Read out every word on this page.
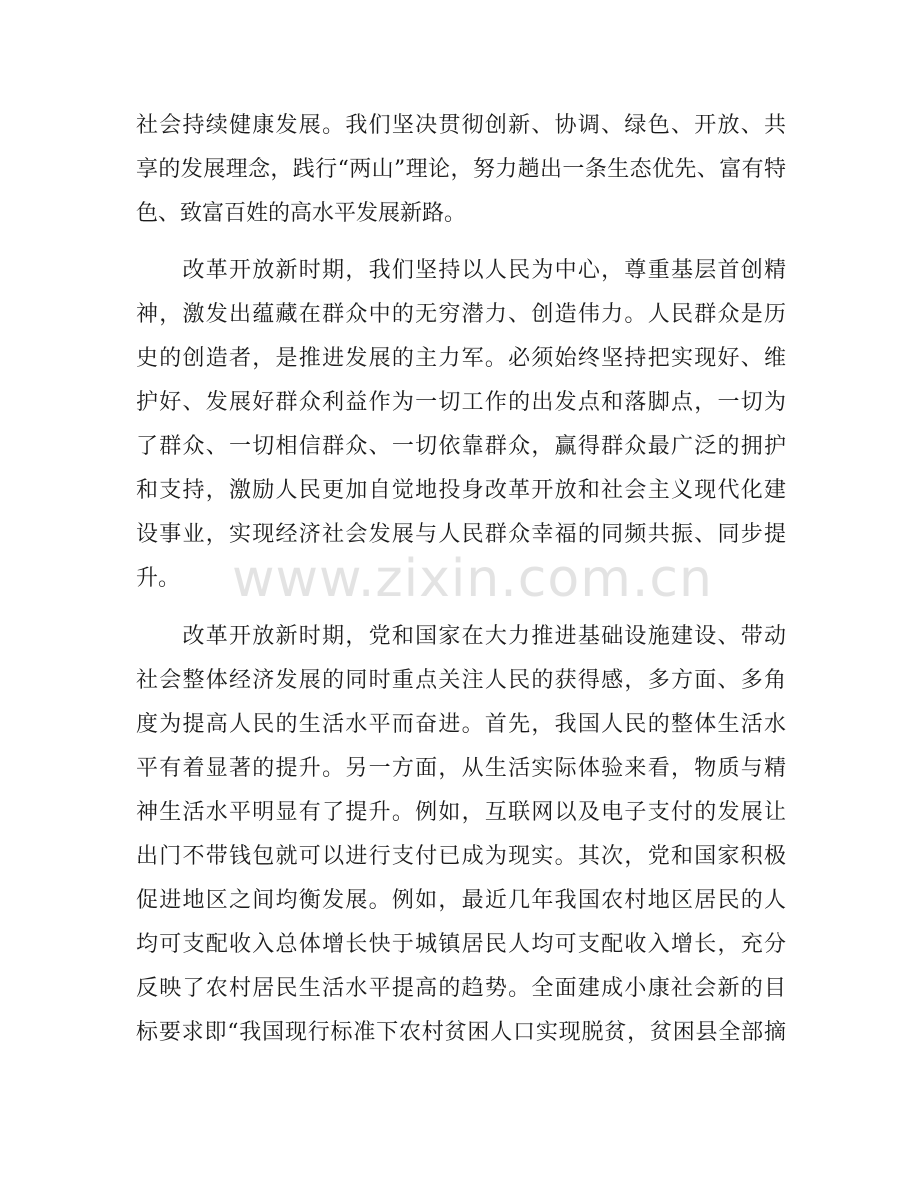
社会持续健康发展。我们坚决贯彻创新、协调、绿色、开放、共
享的发展理念，践行“两山”理论，努力趟出一条生态优先、富有特
色、致富百姓的高水平发展新路。
　　改革开放新时期，我们坚持以人民为中心，尊重基层首创精
神，激发出蕴藏在群众中的无穷潜力、创造伟力。人民群众是历
史的创造者，是推进发展的主力军。必须始终坚持把实现好、维
护好、发展好群众利益作为一切工作的出发点和落脚点，一切为
了群众、一切相信群众、一切依靠群众，赢得群众最广泛的拥护
和支持，激励人民更加自觉地投身改革开放和社会主义现代化建
设事业，实现经济社会发展与人民群众幸福的同频共振、同步提
升。
　　改革开放新时期，党和国家在大力推进基础设施建设、带动
社会整体经济发展的同时重点关注人民的获得感，多方面、多角
度为提高人民的生活水平而奋进。首先，我国人民的整体生活水
平有着显著的提升。另一方面，从生活实际体验来看，物质与精
神生活水平明显有了提升。例如，互联网以及电子支付的发展让
出门不带钱包就可以进行支付已成为现实。其次，党和国家积极
促进地区之间均衡发展。例如，最近几年我国农村地区居民的人
均可支配收入总体增长快于城镇居民人均可支配收入增长，充分
反映了农村居民生活水平提高的趋势。全面建成小康社会新的目
标要求即“我国现行标准下农村贫困人口实现脱贫，贫困县全部摘
www.zixin.com.cn
